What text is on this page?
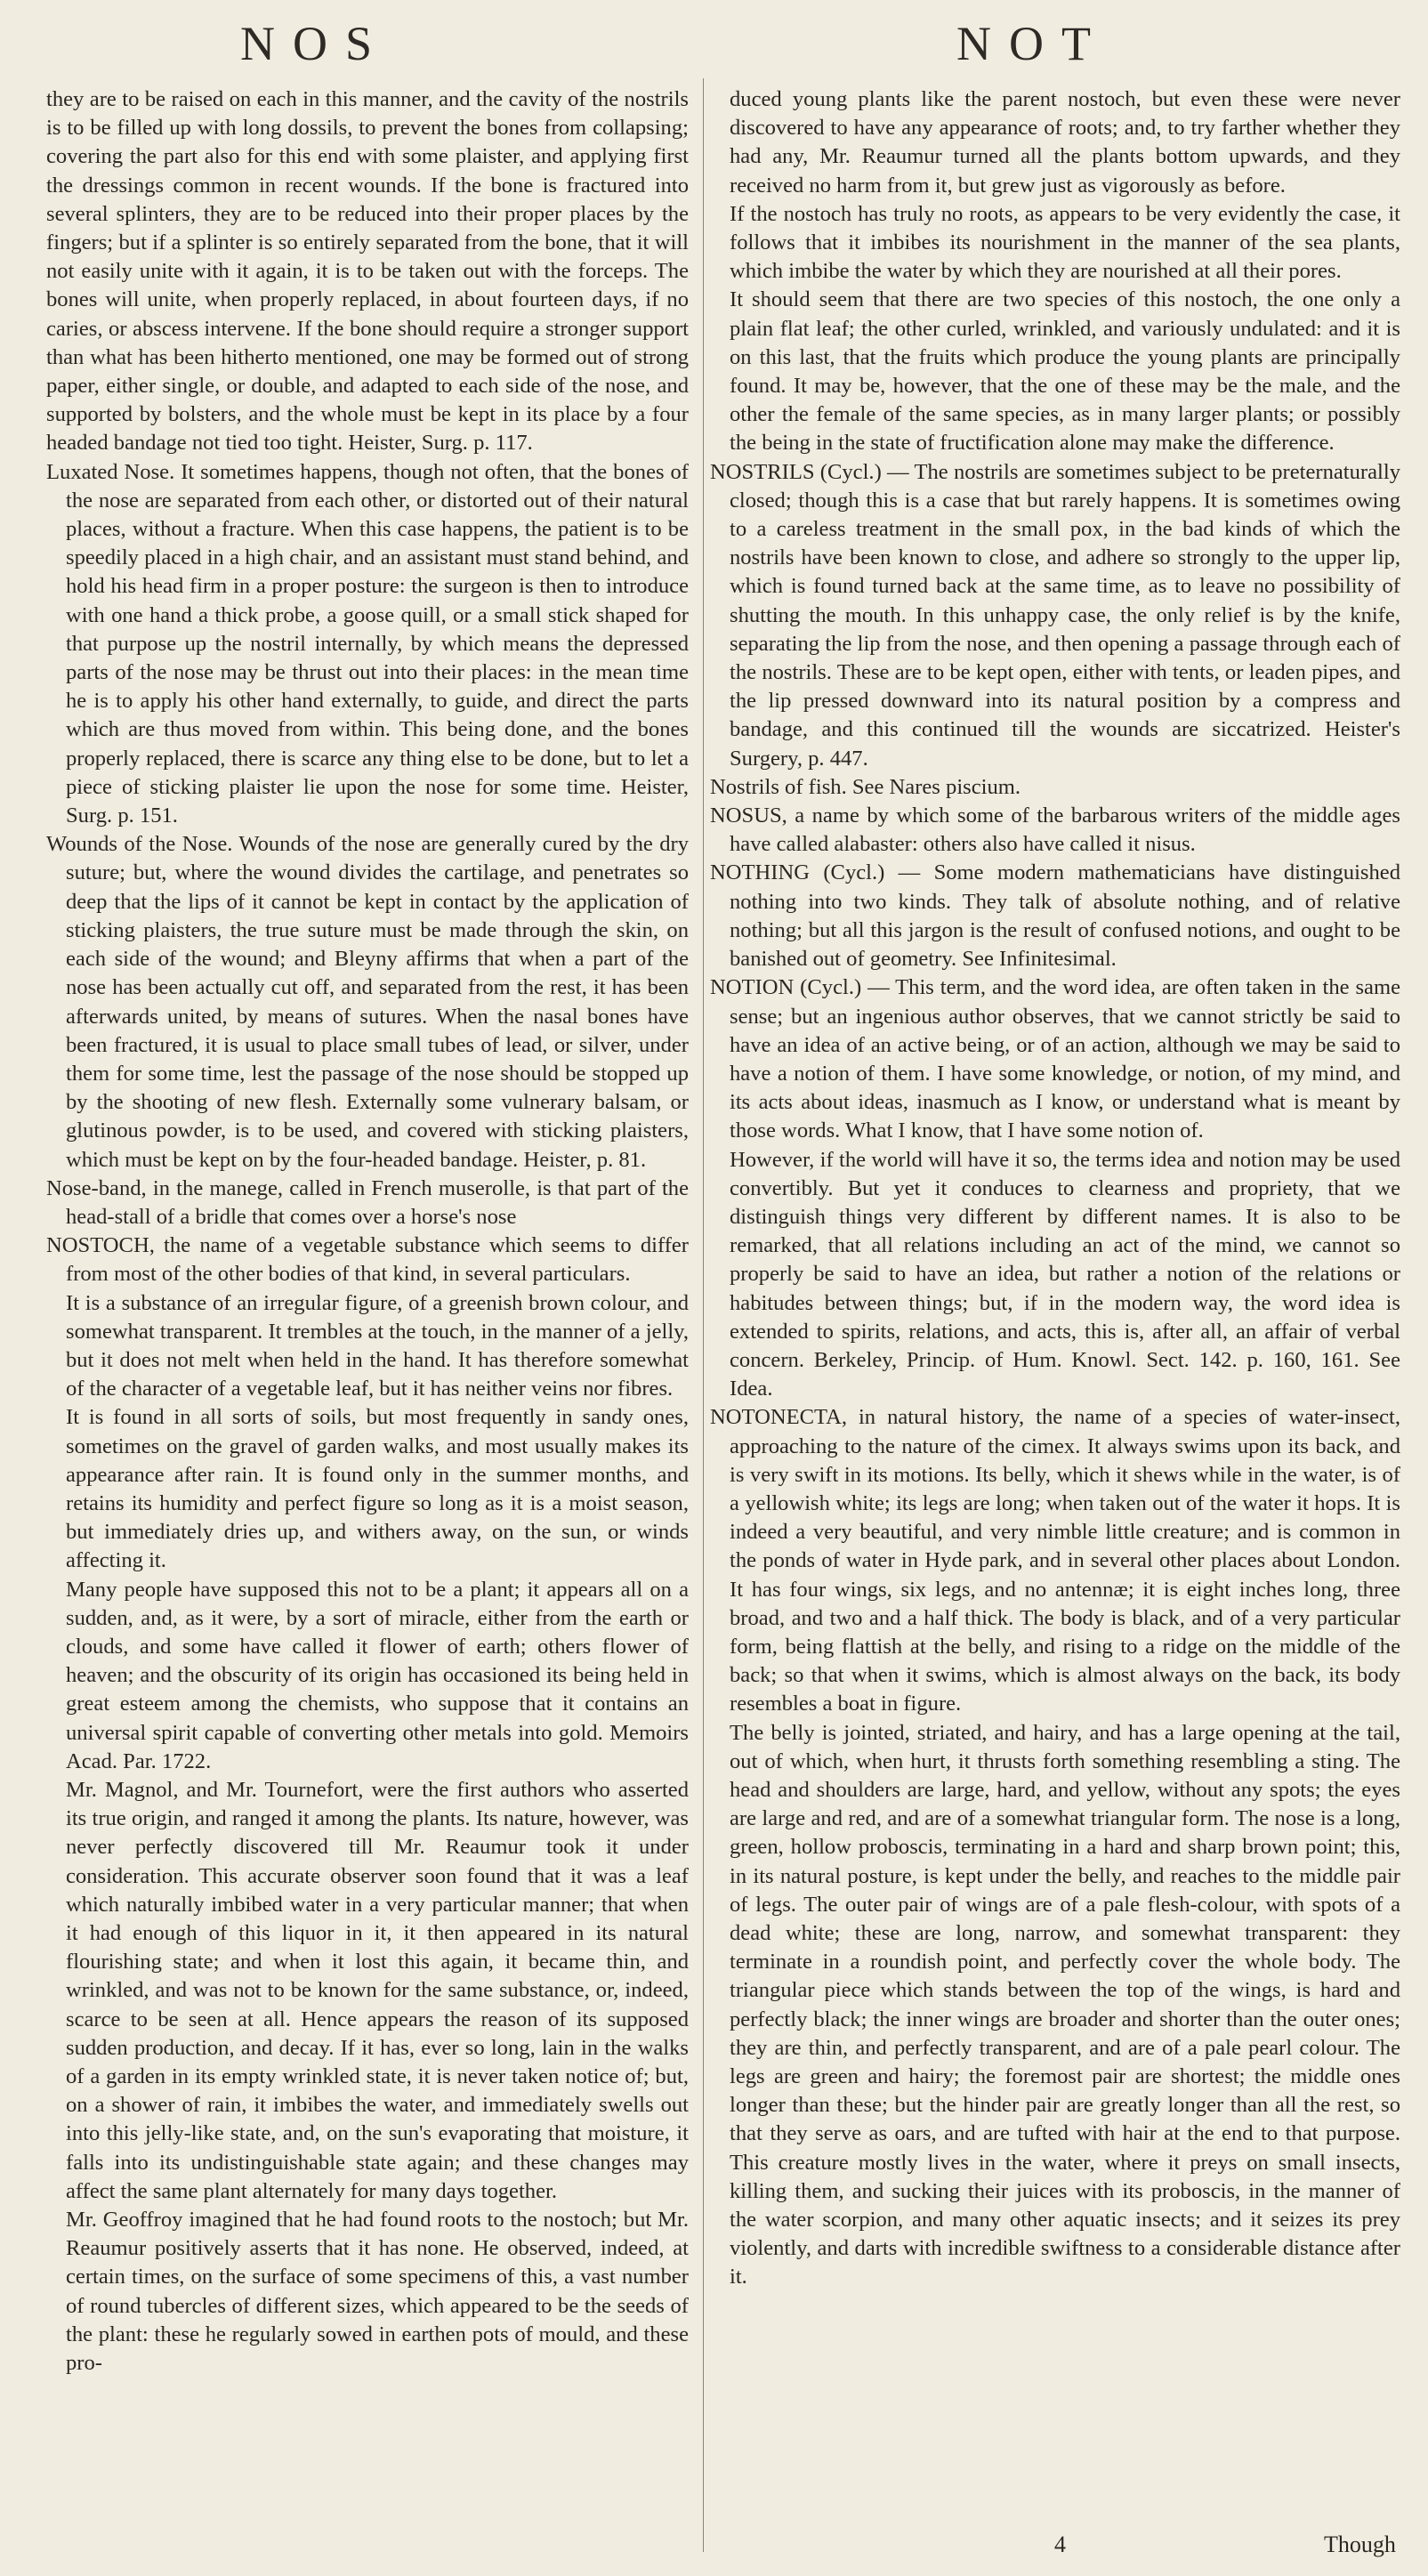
NOS	NOT

they are to be raised on each in this manner, and the cavity of the nostrils is to be filled up with long dossils, to prevent the bones from collapsing; covering the part also for this end with some plaister, and applying first the dressings common in recent wounds. If the bone is fractured into several splinters, they are to be reduced into their proper places by the fingers; but if a splinter is so entirely separated from the bone, that it will not easily unite with it again, it is to be taken out with the forceps. The bones will unite, when properly replaced, in about fourteen days, if no caries, or abscess intervene. If the bone should require a stronger support than what has been hitherto mentioned, one may be formed out of strong paper, either single, or double, and adapted to each side of the nose, and supported by bolsters, and the whole must be kept in its place by a four headed bandage not tied too tight. Heister, Surg. p. 117.

Luxated Nose. It sometimes happens, though not often, that the bones of the nose are separated from each other, or distorted out of their natural places, without a fracture. When this case happens, the patient is to be speedily placed in a high chair, and an assistant must stand behind, and hold his head firm in a proper posture: the surgeon is then to introduce with one hand a thick probe, a goose quill, or a small stick shaped for that purpose up the nostril internally, by which means the depressed parts of the nose may be thrust out into their places: in the mean time he is to apply his other hand externally, to guide, and direct the parts which are thus moved from within. This being done, and the bones properly replaced, there is scarce any thing else to be done, but to let a piece of sticking plaister lie upon the nose for some time. Heister, Surg. p. 151.

Wounds of the Nose. Wounds of the nose are generally cured by the dry suture; but, where the wound divides the cartilage, and penetrates so deep that the lips of it cannot be kept in contact by the application of sticking plaisters, the true suture must be made through the skin, on each side of the wound; and Bleyny affirms that when a part of the nose has been actually cut off, and separated from the rest, it has been afterwards united, by means of sutures. When the nasal bones have been fractured, it is usual to place small tubes of lead, or silver, under them for some time, lest the passage of the nose should be stopped up by the shooting of new flesh. Externally some vulnerary balsam, or glutinous powder, is to be used, and covered with sticking plaisters, which must be kept on by the four-headed bandage. Heister, p. 81.

Nose-band, in the manege, called in French muserolle, is that part of the head-stall of a bridle that comes over a horse's nose

NOSTOCH, the name of a vegetable substance which seems to differ from most of the other bodies of that kind, in several particulars.

It is a substance of an irregular figure, of a greenish brown colour, and somewhat transparent. It trembles at the touch, in the manner of a jelly, but it does not melt when held in the hand. It has therefore somewhat of the character of a vegetable leaf, but it has neither veins nor fibres.

It is found in all sorts of soils, but most frequently in sandy ones, sometimes on the gravel of garden walks, and most usually makes its appearance after rain. It is found only in the summer months, and retains its humidity and perfect figure so long as it is a moist season, but immediately dries up, and withers away, on the sun, or winds affecting it.

Many people have supposed this not to be a plant; it appears all on a sudden, and, as it were, by a sort of miracle, either from the earth or clouds, and some have called it flower of earth; others flower of heaven; and the obscurity of its origin has occasioned its being held in great esteem among the chemists, who suppose that it contains an universal spirit capable of converting other metals into gold. Memoirs Acad. Par. 1722.

Mr. Magnol, and Mr. Tournefort, were the first authors who asserted its true origin, and ranged it among the plants. Its nature, however, was never perfectly discovered till Mr. Reaumur took it under consideration. This accurate observer soon found that it was a leaf which naturally imbibed water in a very particular manner; that when it had enough of this liquor in it, it then appeared in its natural flourishing state; and when it lost this again, it became thin, and wrinkled, and was not to be known for the same substance, or, indeed, scarce to be seen at all. Hence appears the reason of its supposed sudden production, and decay. If it has, ever so long, lain in the walks of a garden in its empty wrinkled state, it is never taken notice of; but, on a shower of rain, it imbibes the water, and immediately swells out into this jelly-like state, and, on the sun's evaporating that moisture, it falls into its undistinguishable state again; and these changes may affect the same plant alternately for many days together.

Mr. Geoffroy imagined that he had found roots to the nostoch; but Mr. Reaumur positively asserts that it has none. He observed, indeed, at certain times, on the surface of some specimens of this, a vast number of round tubercles of different sizes, which appeared to be the seeds of the plant: these he regularly sowed in earthen pots of mould, and these pro-

duced young plants like the parent nostoch, but even these were never discovered to have any appearance of roots; and, to try farther whether they had any, Mr. Reaumur turned all the plants bottom upwards, and they received no harm from it, but grew just as vigorously as before.

If the nostoch has truly no roots, as appears to be very evidently the case, it follows that it imbibes its nourishment in the manner of the sea plants, which imbibe the water by which they are nourished at all their pores.

It should seem that there are two species of this nostoch, the one only a plain flat leaf; the other curled, wrinkled, and variously undulated: and it is on this last, that the fruits which produce the young plants are principally found. It may be, however, that the one of these may be the male, and the other the female of the same species, as in many larger plants; or possibly the being in the state of fructification alone may make the difference.

NOSTRILS (Cycl.) — The nostrils are sometimes subject to be preternaturally closed; though this is a case that but rarely happens. It is sometimes owing to a careless treatment in the small pox, in the bad kinds of which the nostrils have been known to close, and adhere so strongly to the upper lip, which is found turned back at the same time, as to leave no possibility of shutting the mouth. In this unhappy case, the only relief is by the knife, separating the lip from the nose, and then opening a passage through each of the nostrils. These are to be kept open, either with tents, or leaden pipes, and the lip pressed downward into its natural position by a compress and bandage, and this continued till the wounds are siccatrized. Heister's Surgery, p. 447.

Nostrils of fish. See Nares piscium.

NOSUS, a name by which some of the barbarous writers of the middle ages have called alabaster: others also have called it nisus.

NOTHING (Cycl.) — Some modern mathematicians have distinguished nothing into two kinds. They talk of absolute nothing, and of relative nothing; but all this jargon is the result of confused notions, and ought to be banished out of geometry. See Infinitesimal.

NOTION (Cycl.) — This term, and the word idea, are often taken in the same sense; but an ingenious author observes, that we cannot strictly be said to have an idea of an active being, or of an action, although we may be said to have a notion of them. I have some knowledge, or notion, of my mind, and its acts about ideas, inasmuch as I know, or understand what is meant by those words. What I know, that I have some notion of.

However, if the world will have it so, the terms idea and notion may be used convertibly. But yet it conduces to clearness and propriety, that we distinguish things very different by different names. It is also to be remarked, that all relations including an act of the mind, we cannot so properly be said to have an idea, but rather a notion of the relations or habitudes between things; but, if in the modern way, the word idea is extended to spirits, relations, and acts, this is, after all, an affair of verbal concern. Berkeley, Princip. of Hum. Knowl. Sect. 142. p. 160, 161. See Idea.

NOTONECTA, in natural history, the name of a species of water-insect, approaching to the nature of the cimex. It always swims upon its back, and is very swift in its motions. Its belly, which it shews while in the water, is of a yellowish white; its legs are long; when taken out of the water it hops. It is indeed a very beautiful, and very nimble little creature; and is common in the ponds of water in Hyde park, and in several other places about London. It has four wings, six legs, and no antennæ; it is eight inches long, three broad, and two and a half thick. The body is black, and of a very particular form, being flattish at the belly, and rising to a ridge on the middle of the back; so that when it swims, which is almost always on the back, its body resembles a boat in figure.

The belly is jointed, striated, and hairy, and has a large opening at the tail, out of which, when hurt, it thrusts forth something resembling a sting. The head and shoulders are large, hard, and yellow, without any spots; the eyes are large and red, and are of a somewhat triangular form. The nose is a long, green, hollow proboscis, terminating in a hard and sharp brown point; this, in its natural posture, is kept under the belly, and reaches to the middle pair of legs. The outer pair of wings are of a pale flesh-colour, with spots of a dead white; these are long, narrow, and somewhat transparent: they terminate in a roundish point, and perfectly cover the whole body. The triangular piece which stands between the top of the wings, is hard and perfectly black; the inner wings are broader and shorter than the outer ones; they are thin, and perfectly transparent, and are of a pale pearl colour. The legs are green and hairy; the foremost pair are shortest; the middle ones longer than these; but the hinder pair are greatly longer than all the rest, so that they serve as oars, and are tufted with hair at the end to that purpose. This creature mostly lives in the water, where it preys on small insects, killing them, and sucking their juices with its proboscis, in the manner of the water scorpion, and many other aquatic insects; and it seizes its prey violently, and darts with incredible swiftness to a considerable distance after it.

4	Though
